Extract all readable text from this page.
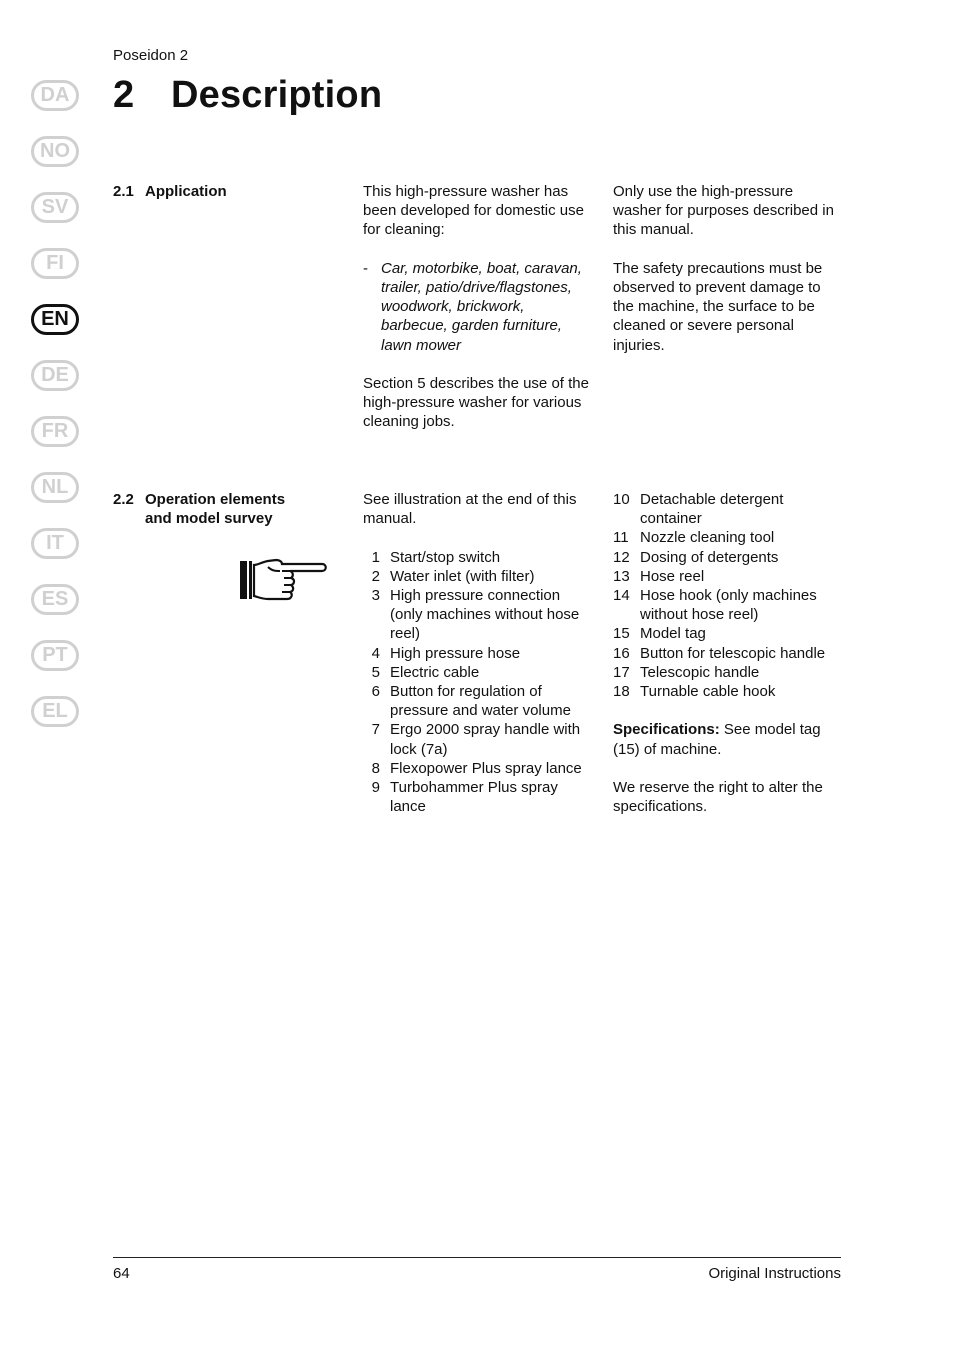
Poseidon 2
2 Description
DA
NO
SV
FI
EN
DE
FR
NL
IT
ES
PT
EL
2.1 Application	This high-pressure washer has been developed for domestic use for cleaning:

- Car, motorbike, boat, caravan, trailer, patio/drive/flagstones, woodwork, brickwork, barbecue, garden furniture, lawn mower

Section 5 describes the use of the high-pressure washer for various cleaning jobs.

Only use the high-pressure washer for purposes described in this manual.

The safety precautions must be observed to prevent damage to the machine, the surface to be cleaned or severe personal injuries.

2.2 Operation elements
and model survey

See illustration at the end of this manual.

1 Start/stop switch
2 Water inlet (with filter)
3 High pressure connection (only machines without hose reel)
4 High pressure hose
5 Electric cable
6 Button for regulation of pressure and water volume
7 Ergo 2000 spray handle with lock (7a)
8 Flexopower Plus spray lance
9 Turbohammer Plus spray lance
10 Detachable detergent container
11 Nozzle cleaning tool
12 Dosing of detergents
13 Hose reel
14 Hose hook (only machines without hose reel)
15 Model tag
16 Button for telescopic handle
17 Telescopic handle
18 Turnable cable hook

Specifications: See model tag (15) of machine.

We reserve the right to alter the specifications.

64	Original Instructions
